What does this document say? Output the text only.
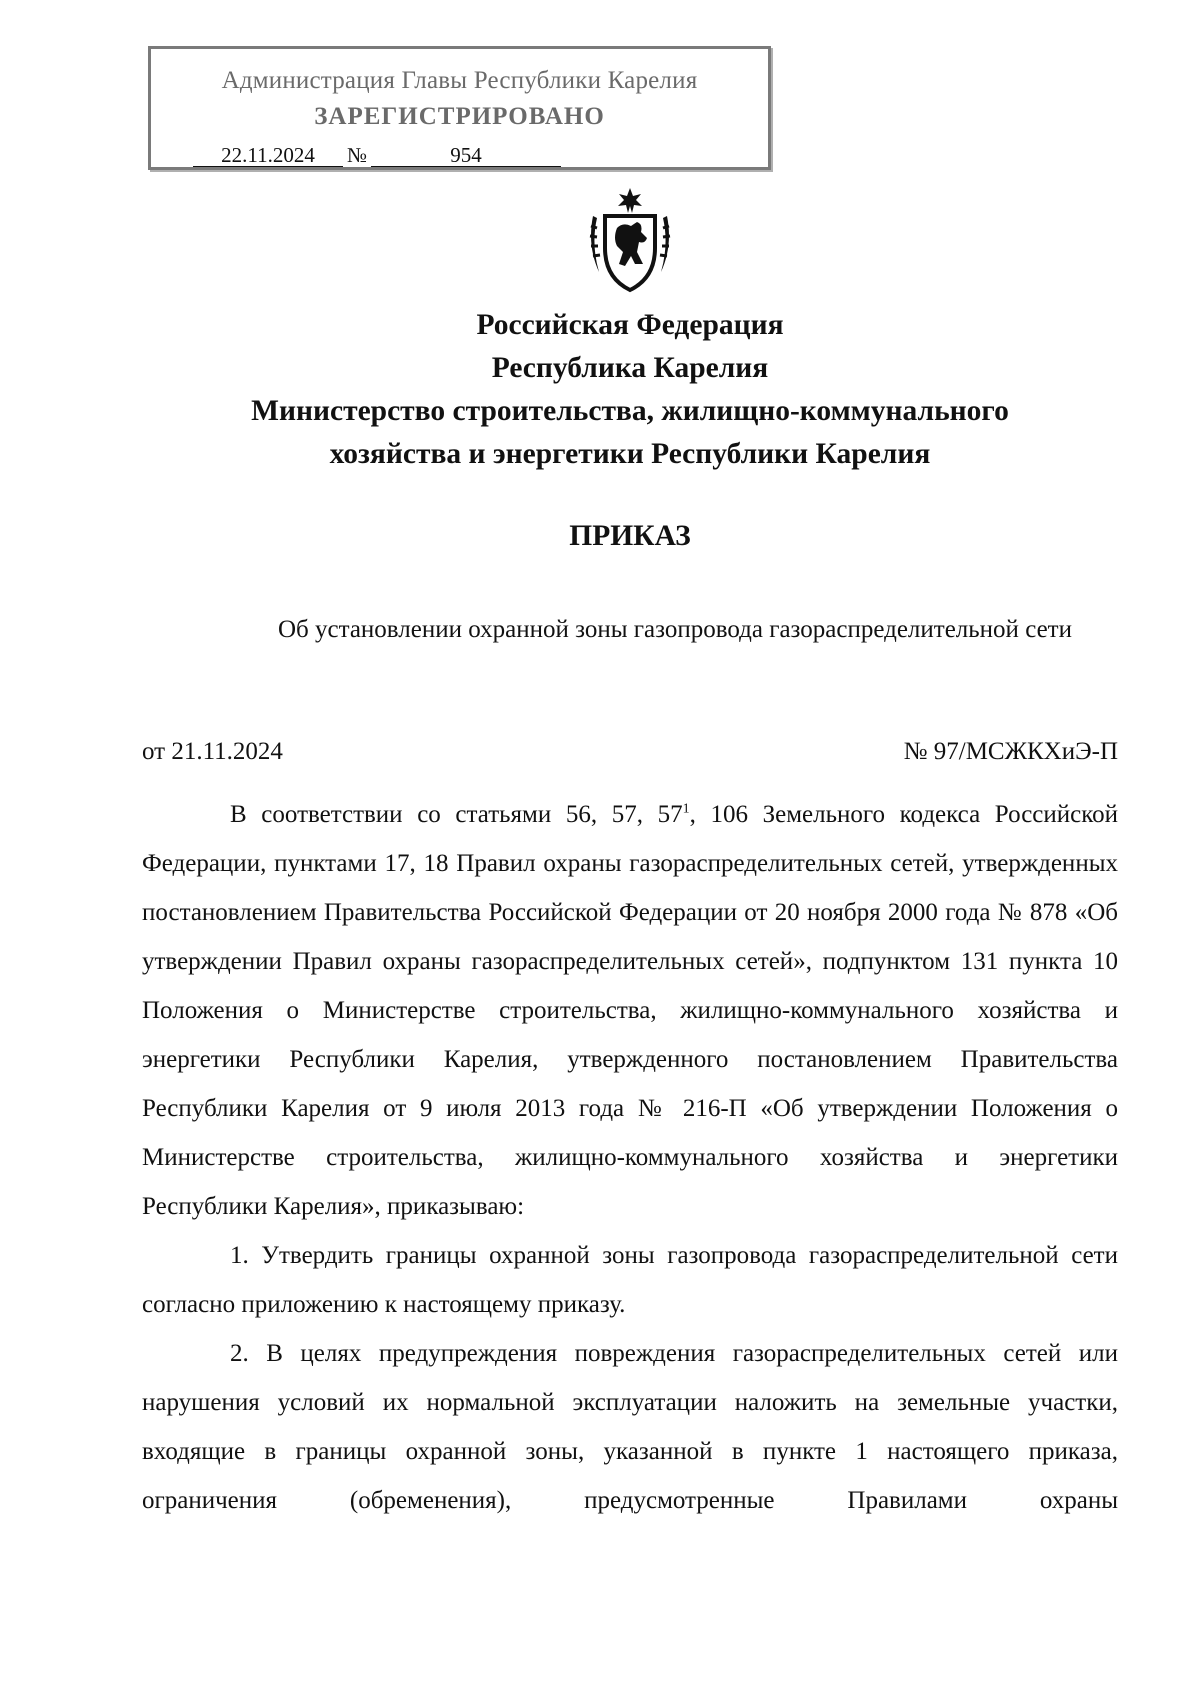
Администрация Главы Республики Карелия
ЗАРЕГИСТРИРОВАНО
22.11.2024 №	954
Российская Федерация
Республика Карелия
Министерство строительства, жилищно-коммунального
хозяйства и энергетики Республики Карелия
ПРИКАЗ
Об установлении охранной зоны газопровода газораспределительной сети
от 21.11.2024	№ 97/МСЖКХиЭ-П

В соответствии со статьями 56, 57, $57^1$, 106 Земельного кодекса Российской Федерации, пунктами 17, 18 Правил охраны газораспределительных сетей, утвержденных постановлением Правительства Российской Федерации от 20 ноября 2000 года № 878 «Об утверждении Правил охраны газораспределительных сетей», подпунктом 131 пункта 10 Положения о Министерстве строительства, жилищно-коммунального хозяйства и энергетики Республики Карелия, утвержденного постановлением Правительства Республики Карелия от 9 июля 2013 года № 216-П «Об утверждении Положения о Министерстве строительства, жилищно-коммунального хозяйства и энергетики Республики Карелия», приказываю:

1. Утвердить границы охранной зоны газопровода газораспределительной сети согласно приложению к настоящему приказу.

2. В целях предупреждения повреждения газораспределительных сетей или нарушения условий их нормальной эксплуатации наложить на земельные участки, входящие в границы охранной зоны, указанной в пункте 1 настоящего приказа, ограничения (обременения), предусмотренные Правилами охраны
